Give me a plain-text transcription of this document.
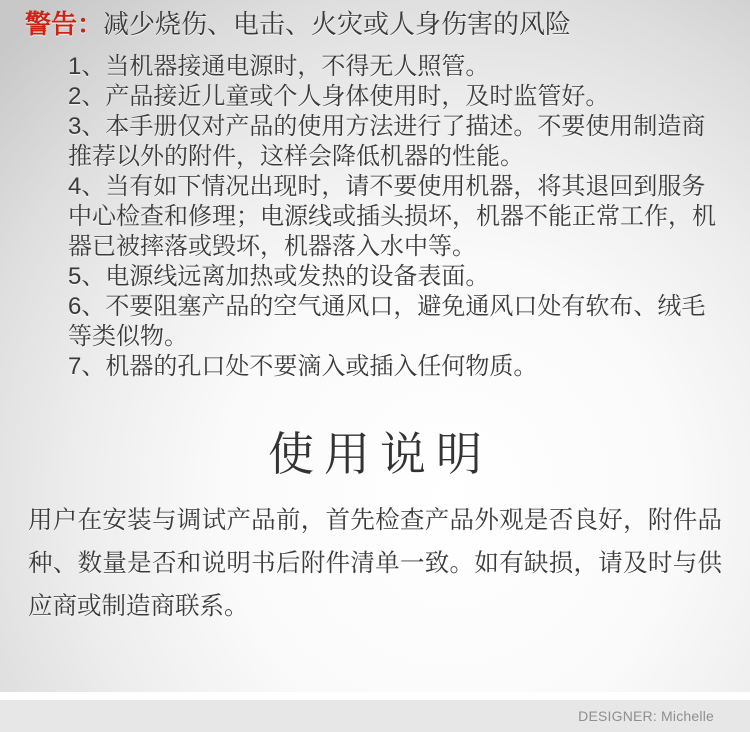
警告：减少烧伤、电击、火灾或人身伤害的风险

1、当机器接通电源时，不得无人照管。

2、产品接近儿童或个人身体使用时，及时监管好。

3、本手册仅对产品的使用方法进行了描述。不要使用制造商推荐以外的附件，这样会降低机器的性能。

4、当有如下情况出现时，请不要使用机器，将其退回到服务中心检查和修理；电源线或插头损坏，机器不能正常工作，机器已被摔落或毁坏，机器落入水中等。

5、电源线远离加热或发热的设备表面。

6、不要阻塞产品的空气通风口，避免通风口处有软布、绒毛等类似物。

7、机器的孔口处不要滴入或插入任何物质。

使用说明

用户在安装与调试产品前，首先检查产品外观是否良好，附件品种、数量是否和说明书后附件清单一致。如有缺损，请及时与供应商或制造商联系。

DESIGNER: Michelle
